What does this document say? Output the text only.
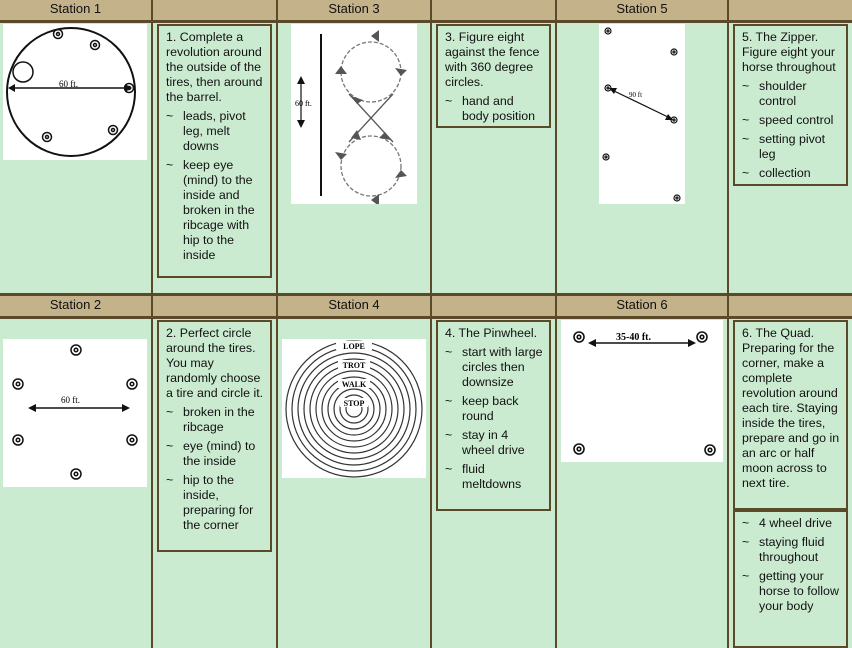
Station 1	Station 3	Station 5
Station 2	Station 4	Station 6
60 ft.

1. Complete a revolution around the outside of the tires, then around the barrel.

~ leads, pivot leg, melt downs
~ keep eye (mind) to the inside and broken in the ribcage with hip to the inside
60 ft.

3. Figure eight against the fence with 360 degree circles.

~ hand and body position
90 ft

5. The Zipper. Figure eight your horse throughout

~ shoulder control
~ speed control
~ setting pivot leg
~ collection
60 ft.

2. Perfect circle around the tires. You may randomly choose a tire and circle it.

~ broken in the ribcage
~ eye (mind) to the inside
~ hip to the inside, preparing for the corner
LOPE
TROT
WALK
STOP

4. The Pinwheel.

~ start with large circles then downsize
~ keep back round
~ stay in 4 wheel drive
~ fluid meltdowns
35-40 ft.	6. The Quad. Preparing for the corner, make a complete revolution around each tire. Staying inside the tires, prepare and go in an arc or half moon across to next tire.

~ 4 wheel drive
~ staying fluid throughout
~ getting your horse to follow your body
